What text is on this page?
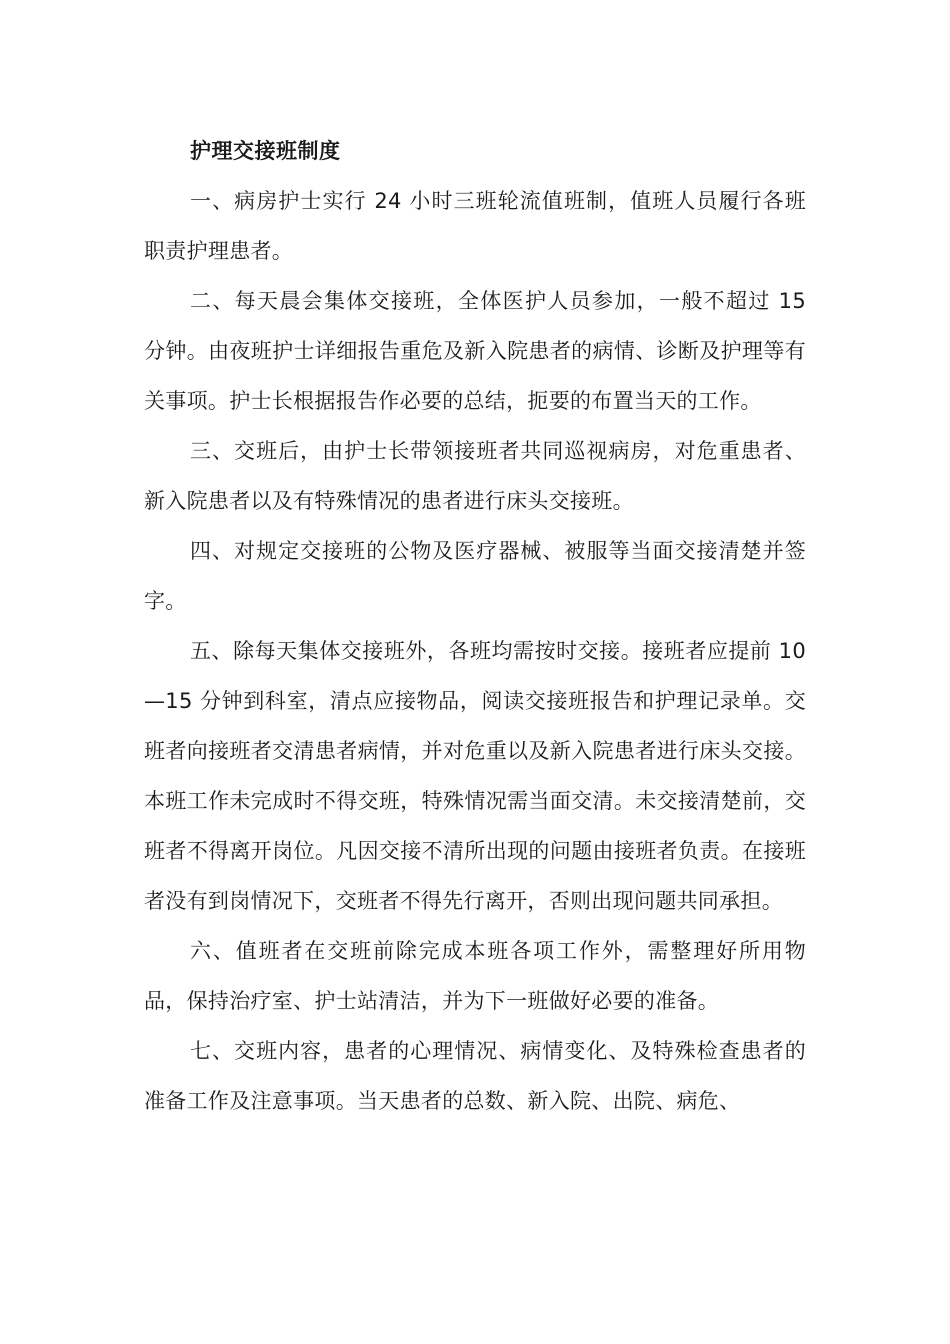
护理交接班制度

一、病房护士实行 24 小时三班轮流值班制，值班人员履行各班职责护理患者。

二、每天晨会集体交接班，全体医护人员参加，一般不超过 15 分钟。由夜班护士详细报告重危及新入院患者的病情、诊断及护理等有关事项。护士长根据报告作必要的总结，扼要的布置当天的工作。

三、交班后，由护士长带领接班者共同巡视病房，对危重患者、新入院患者以及有特殊情况的患者进行床头交接班。

四、对规定交接班的公物及医疗器械、被服等当面交接清楚并签字。

五、除每天集体交接班外，各班均需按时交接。接班者应提前 10—15 分钟到科室，清点应接物品，阅读交接班报告和护理记录单。交班者向接班者交清患者病情，并对危重以及新入院患者进行床头交接。本班工作未完成时不得交班，特殊情况需当面交清。未交接清楚前，交班者不得离开岗位。凡因交接不清所出现的问题由接班者负责。在接班者没有到岗情况下，交班者不得先行离开，否则出现问题共同承担。

六、值班者在交班前除完成本班各项工作外，需整理好所用物品，保持治疗室、护士站清洁，并为下一班做好必要的准备。

七、交班内容，患者的心理情况、病情变化、及特殊检查患者的准备工作及注意事项。当天患者的总数、新入院、出院、病危、
